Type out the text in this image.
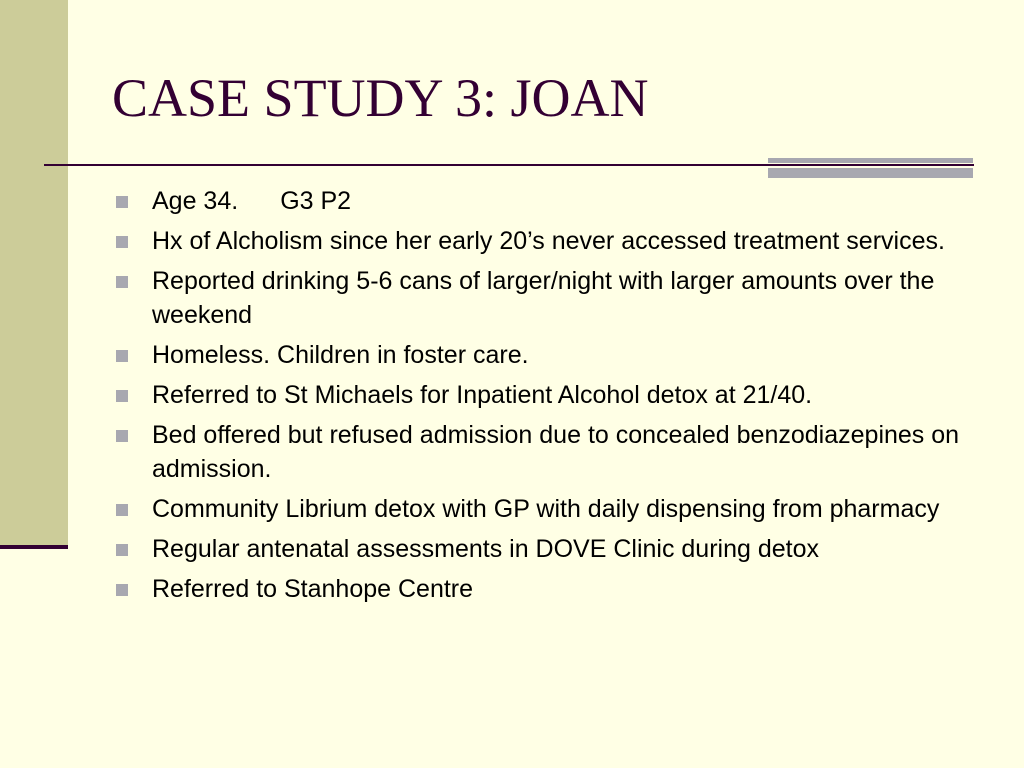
CASE STUDY 3: JOAN
Age 34. G3 P2
Hx of Alcholism since her early 20’s never accessed treatment services.
Reported drinking 5-6 cans of larger/night with larger amounts over the weekend
Homeless. Children in foster care.
Referred to St Michaels for Inpatient Alcohol detox at 21/40.
Bed offered but refused admission due to concealed benzodiazepines on admission.
Community Librium detox with GP with daily dispensing from pharmacy
Regular antenatal assessments in DOVE Clinic during detox
Referred to Stanhope Centre
